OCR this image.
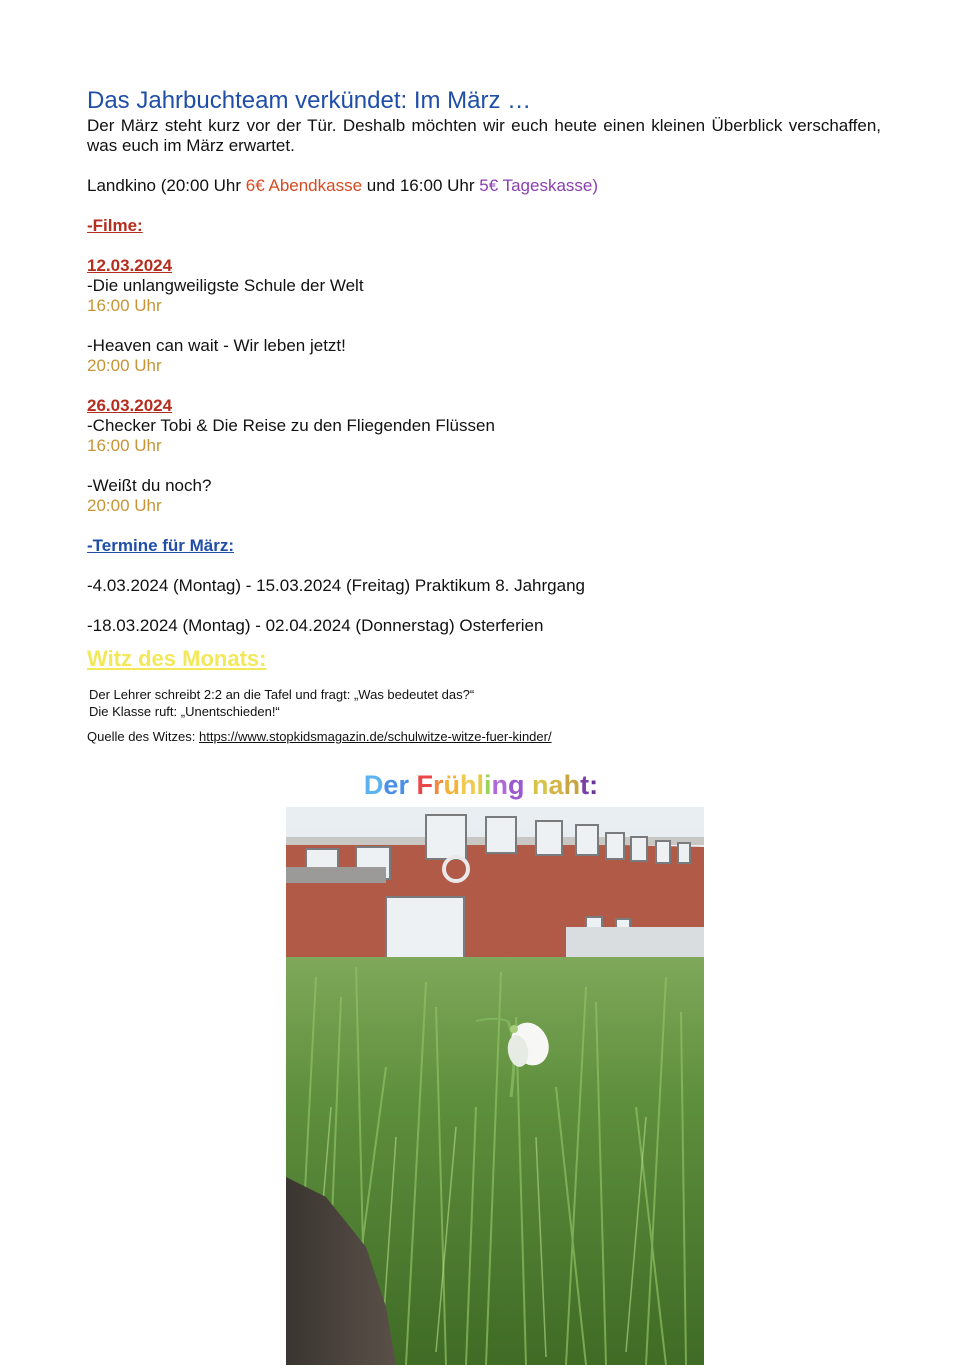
Das Jahrbuchteam verkündet: Im März …

Der März steht kurz vor der Tür. Deshalb möchten wir euch heute einen kleinen Überblick verschaffen, was euch im März erwartet.

Landkino (20:00 Uhr 6€ Abendkasse und 16:00 Uhr 5€ Tageskasse)

-Filme:

12.03.2024

-Die unlangweiligste Schule der Welt

16:00 Uhr

-Heaven can wait - Wir leben jetzt!

20:00 Uhr

26.03.2024

-Checker Tobi & Die Reise zu den Fliegenden Flüssen

16:00 Uhr

-Weißt du noch?

20:00 Uhr

-Termine für März:

-4.03.2024 (Montag) - 15.03.2024 (Freitag) Praktikum 8. Jahrgang

-18.03.2024 (Montag) - 02.04.2024 (Donnerstag) Osterferien

Witz des Monats:

Der Lehrer schreibt 2:2 an die Tafel und fragt: „Was bedeutet das?“

Die Klasse ruft: „Unentschieden!“

Quelle des Witzes: https://www.stopkidsmagazin.de/schulwitze-witze-fuer-kinder/

Der Frühling naht:
